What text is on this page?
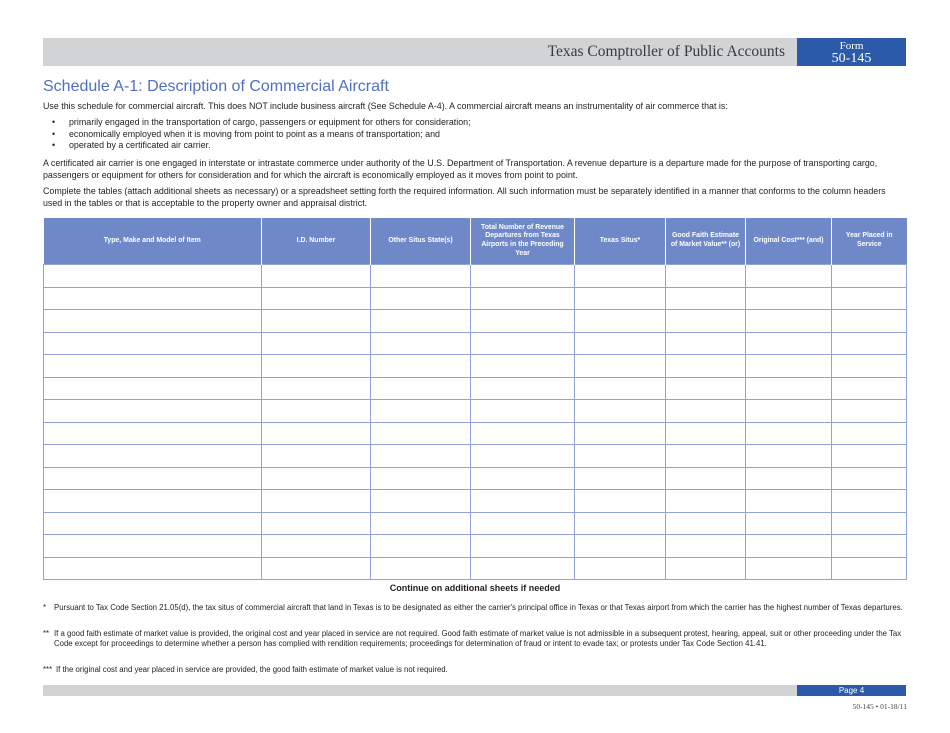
Texas Comptroller of Public Accounts	Form
50-145
Schedule A-1: Description of Commercial Aircraft
Use this schedule for commercial aircraft. This does NOT include business aircraft (See Schedule A-4). A commercial aircraft means an instrumentality of air commerce that is:
• primarily engaged in the transportation of cargo, passengers or equipment for others for consideration;
• economically employed when it is moving from point to point as a means of transportation; and
• operated by a certificated air carrier.
A certificated air carrier is one engaged in interstate or intrastate commerce under authority of the U.S. Department of Transportation. A revenue departure is a departure made for the purpose of transporting cargo, passengers or equipment for others for consideration and for which the aircraft is economically employed as it moves from point to point.
Complete the tables (attach additional sheets as necessary) or a spreadsheet setting forth the required information. All such information must be separately identified in a manner that conforms to the column headers used in the tables or that is acceptable to the property owner and appraisal district.
Type, Make and Model of Item	I.D. Number	Other Situs State(s)	Total Number of Revenue Departures from Texas Airports in the Preceding Year	Texas Situs*	Good Faith Estimate of Market Value** (or)	Original Cost*** (and)	Year Placed in Service

Continue on additional sheets if needed
* Pursuant to Tax Code Section 21.05(d), the tax situs of commercial aircraft that land in Texas is to be designated as either the carrier's principal office in Texas or that Texas airport from which the carrier has the highest number of Texas departures.
** If a good faith estimate of market value is provided, the original cost and year placed in service are not required. Good faith estimate of market value is not admissible in a subsequent protest, hearing, appeal, suit or other proceeding under the Tax Code except for proceedings to determine whether a person has complied with rendition requirements; proceedings for determination of fraud or intent to evade tax; or protests under Tax Code Section 41.41.
*** If the original cost and year placed in service are provided, the good faith estimate of market value is not required.
Page 4
50-145 • 01-18/11
